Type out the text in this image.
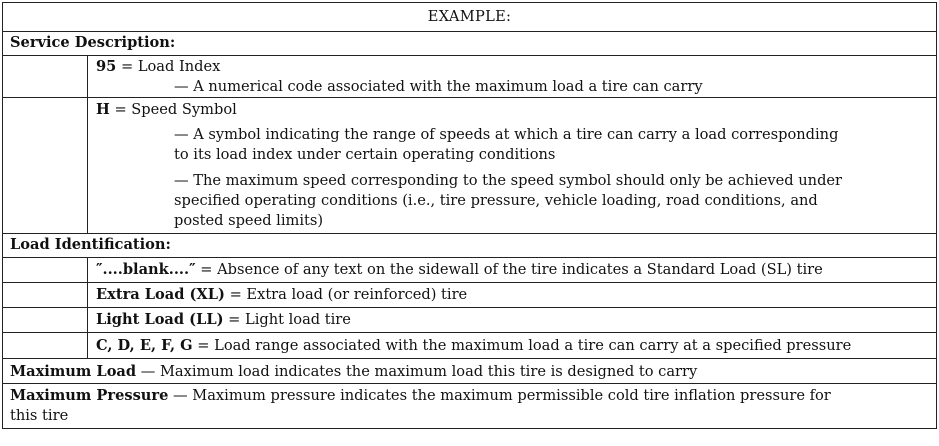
EXAMPLE:
Service Description:
95 = Load Index
— A numerical code associated with the maximum load a tire can carry
H = Speed Symbol
— A symbol indicating the range of speeds at which a tire can carry a load corresponding
to its load index under certain operating conditions
— The maximum speed corresponding to the speed symbol should only be achieved under
specified operating conditions (i.e., tire pressure, vehicle loading, road conditions, and
posted speed limits)
Load Identification:
″....blank....″ = Absence of any text on the sidewall of the tire indicates a Standard Load (SL) tire
Extra Load (XL) = Extra load (or reinforced) tire
Light Load (LL) = Light load tire
C, D, E, F, G = Load range associated with the maximum load a tire can carry at a specified pressure
Maximum Load — Maximum load indicates the maximum load this tire is designed to carry
Maximum Pressure — Maximum pressure indicates the maximum permissible cold tire inflation pressure for
this tire
